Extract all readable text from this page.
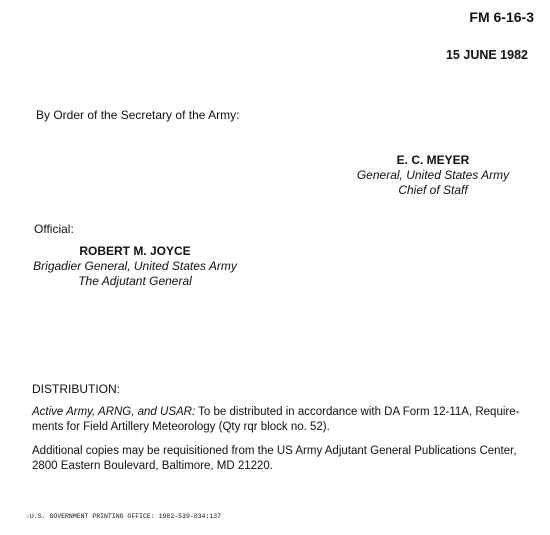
FM 6-16-3
15 JUNE 1982
By Order of the Secretary of the Army:
E. C. MEYER
General, United States Army
Chief of Staff
Official:
ROBERT M. JOYCE
Brigadier General, United States Army
The Adjutant General
DISTRIBUTION:
Active Army, ARNG, and USAR: To be distributed in accordance with DA Form 12-11A, Require-
ments for Field Artillery Meteorology (Qty rqr block no. 52).
Additional copies may be requisitioned from the US Army Adjutant General Publications Center,
2800 Eastern Boulevard, Baltimore, MD 21220.
☆U.S. GOVERNMENT PRINTING OFFICE: 1982-539-034:137
